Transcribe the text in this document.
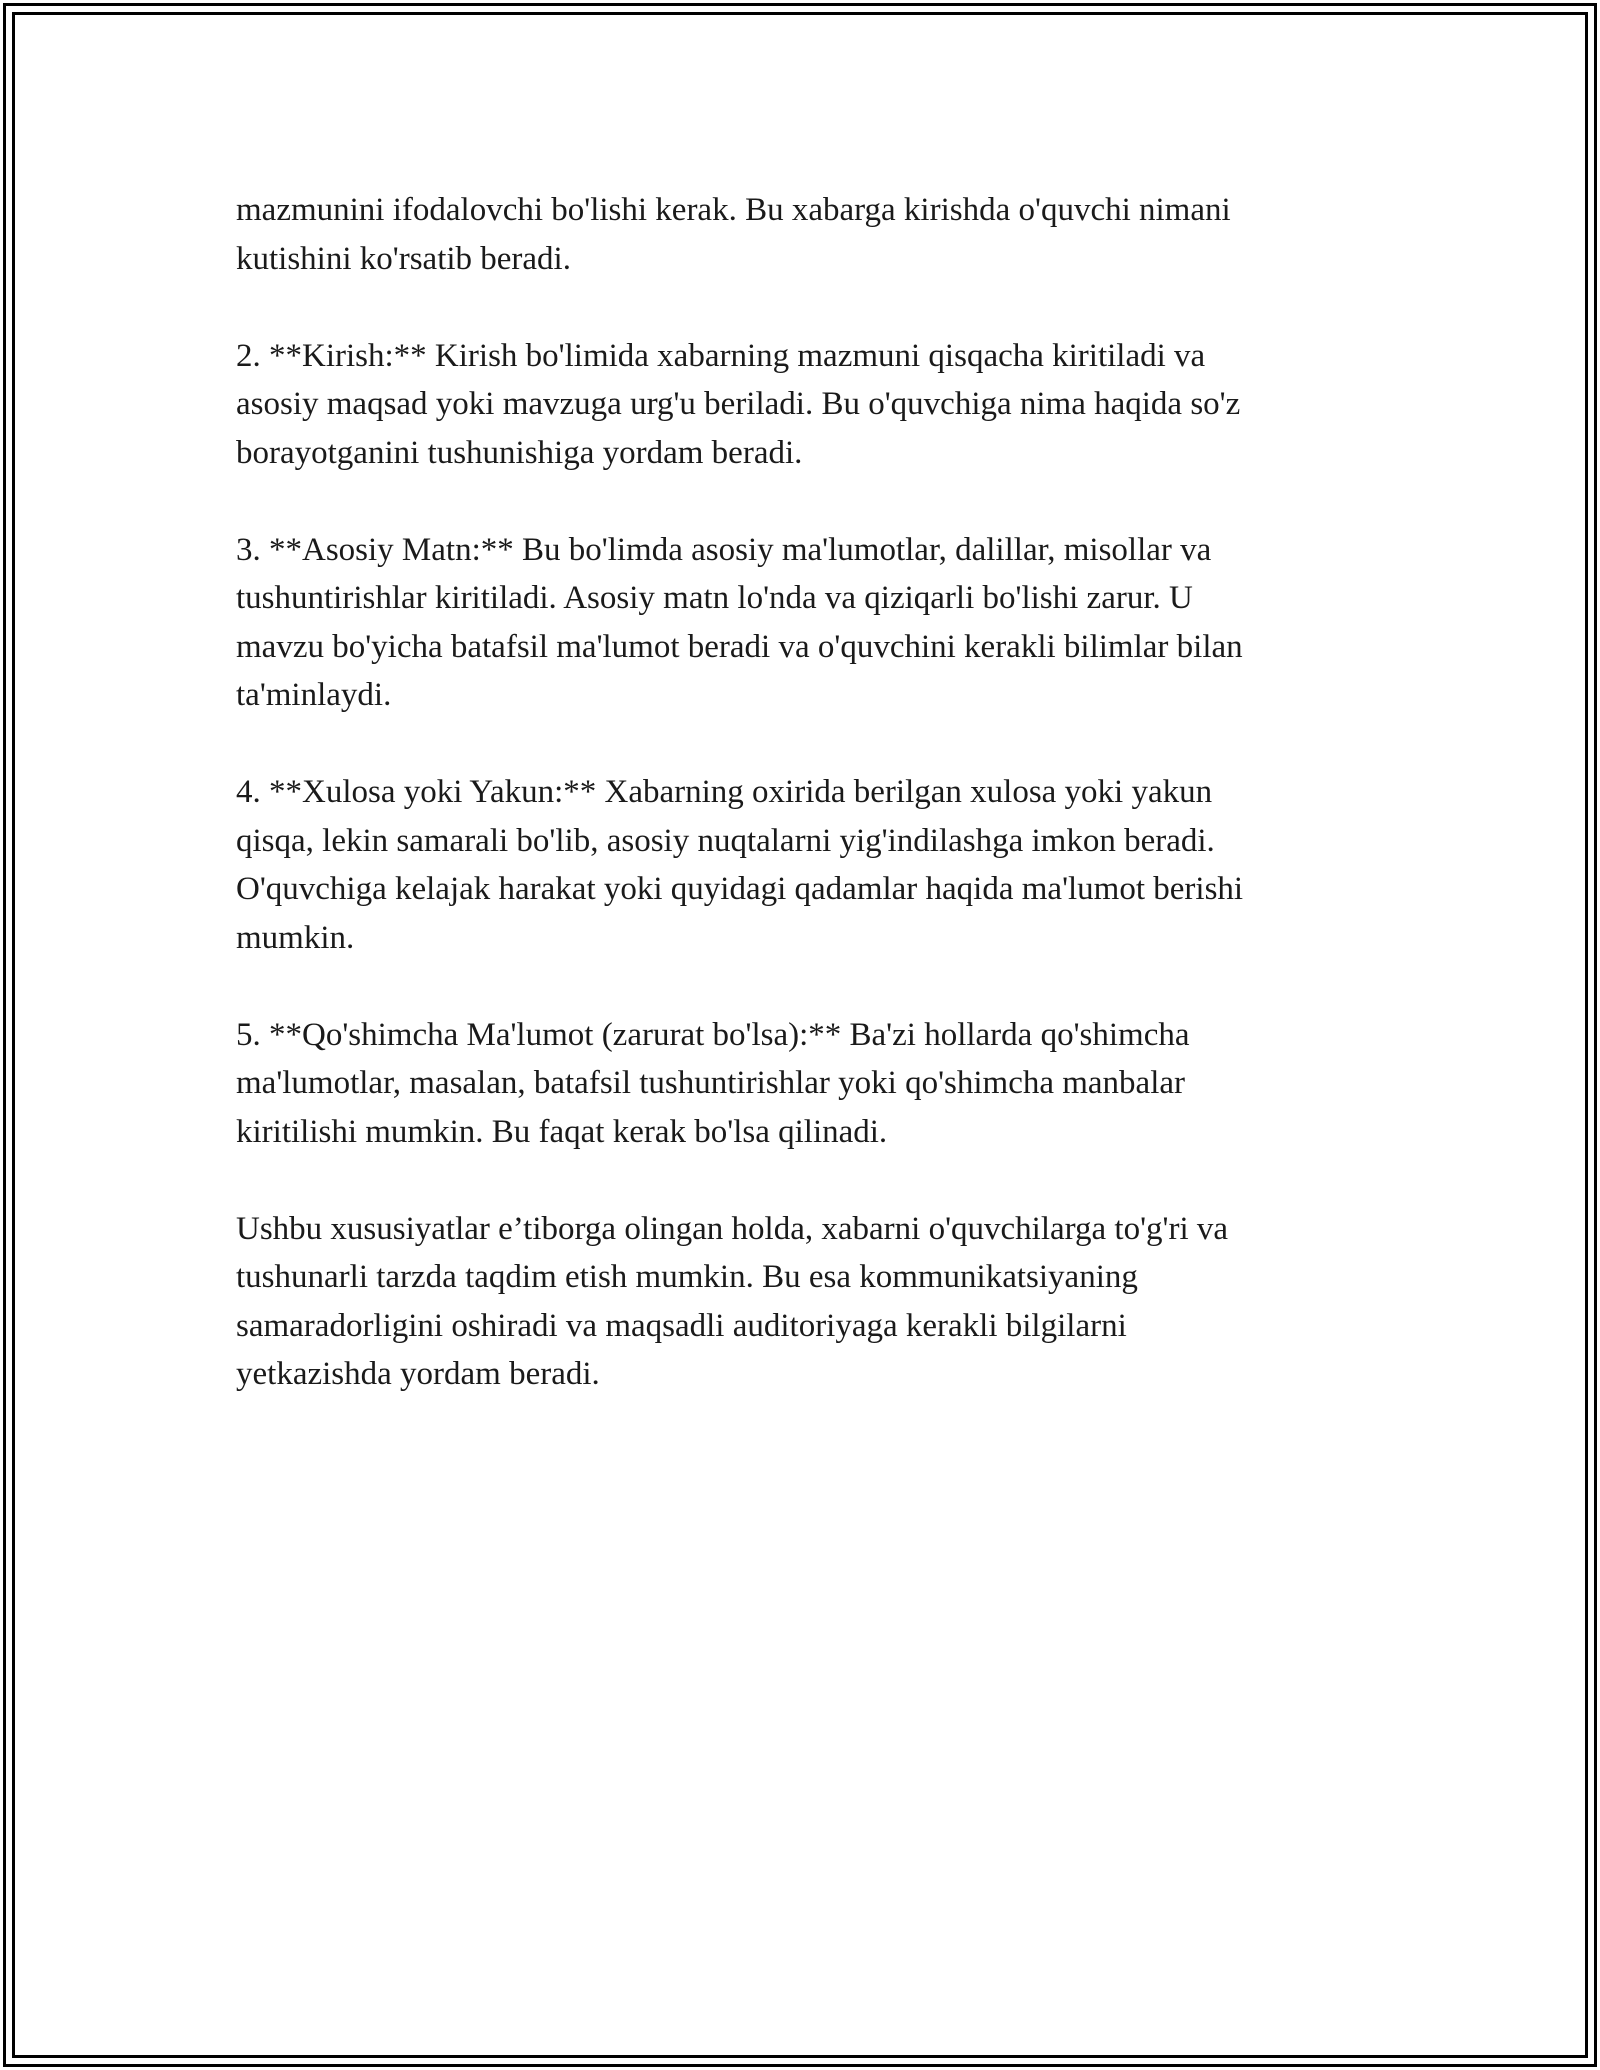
mazmunini ifodalovchi bo'lishi kerak. Bu xabarga kirishda o'quvchi nimani
kutishini ko'rsatib beradi.

2. **Kirish:** Kirish bo'limida xabarning mazmuni qisqacha kiritiladi va
asosiy maqsad yoki mavzuga urg'u beriladi. Bu o'quvchiga nima haqida so'z
borayotganini tushunishiga yordam beradi.

3. **Asosiy Matn:** Bu bo'limda asosiy ma'lumotlar, dalillar, misollar va
tushuntirishlar kiritiladi. Asosiy matn lo'nda va qiziqarli bo'lishi zarur. U
mavzu bo'yicha batafsil ma'lumot beradi va o'quvchini kerakli bilimlar bilan
ta'minlaydi.

4. **Xulosa yoki Yakun:** Xabarning oxirida berilgan xulosa yoki yakun
qisqa, lekin samarali bo'lib, asosiy nuqtalarni yig'indilashga imkon beradi.
O'quvchiga kelajak harakat yoki quyidagi qadamlar haqida ma'lumot berishi
mumkin.

5. **Qo'shimcha Ma'lumot (zarurat bo'lsa):** Ba'zi hollarda qo'shimcha
ma'lumotlar, masalan, batafsil tushuntirishlar yoki qo'shimcha manbalar
kiritilishi mumkin. Bu faqat kerak bo'lsa qilinadi.

Ushbu xususiyatlar e’tiborga olingan holda, xabarni o'quvchilarga to'g'ri va
tushunarli tarzda taqdim etish mumkin. Bu esa kommunikatsiyaning
samaradorligini oshiradi va maqsadli auditoriyaga kerakli bilgilarni
yetkazishda yordam beradi.
